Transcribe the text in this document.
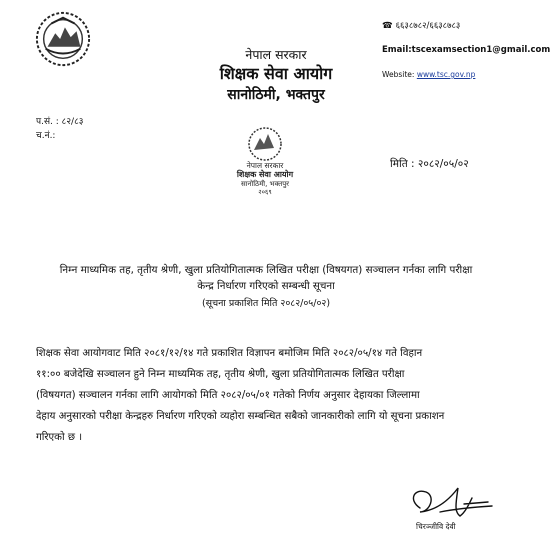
नेपाल सरकार
शिक्षक सेवा आयोग
सानोठिमी, भक्तपुर
☎ ६६३८७८२/६६३८७८३
Email:tscexamsection1@gmail.com
Website: www.tsc.gov.np
प.सं. : ८२/८३
च.नं.:
नेपाल सरकार
शिक्षक सेवा आयोग
सानोठिमी, भक्तपुर
२०६९
मिति : २०८२/०५/०२
निम्न माध्यमिक तह, तृतीय श्रेणी, खुला प्रतियोगितात्मक लिखित परीक्षा (विषयगत) सञ्चालन गर्नका लागि परीक्षा
केन्द्र निर्धारण गरिएको सम्बन्धी सूचना
(सूचना प्रकाशित मिति २०८२/०५/०२)
शिक्षक सेवा आयोगवाट मिति २०८१/१२/१४ गते प्रकाशित विज्ञापन बमोजिम मिति २०८२/०५/१४ गते विहान
११:०० बजेदेखि सञ्चालन हुने निम्न माध्यमिक तह, तृतीय श्रेणी, खुला प्रतियोगितात्मक लिखित परीक्षा
(विषयगत) सञ्चालन गर्नका लागि आयोगको मिति २०८२/०५/०१ गतेको निर्णय अनुसार देहायका जिल्लामा
देहाय अनुसारको परीक्षा केन्द्रहरु निर्धारण गरिएको व्यहोरा सम्बन्धित सबैको जानकारीको लागि यो सूचना प्रकाशन
गरिएको छ ।
चिरञ्जीवि देवी
